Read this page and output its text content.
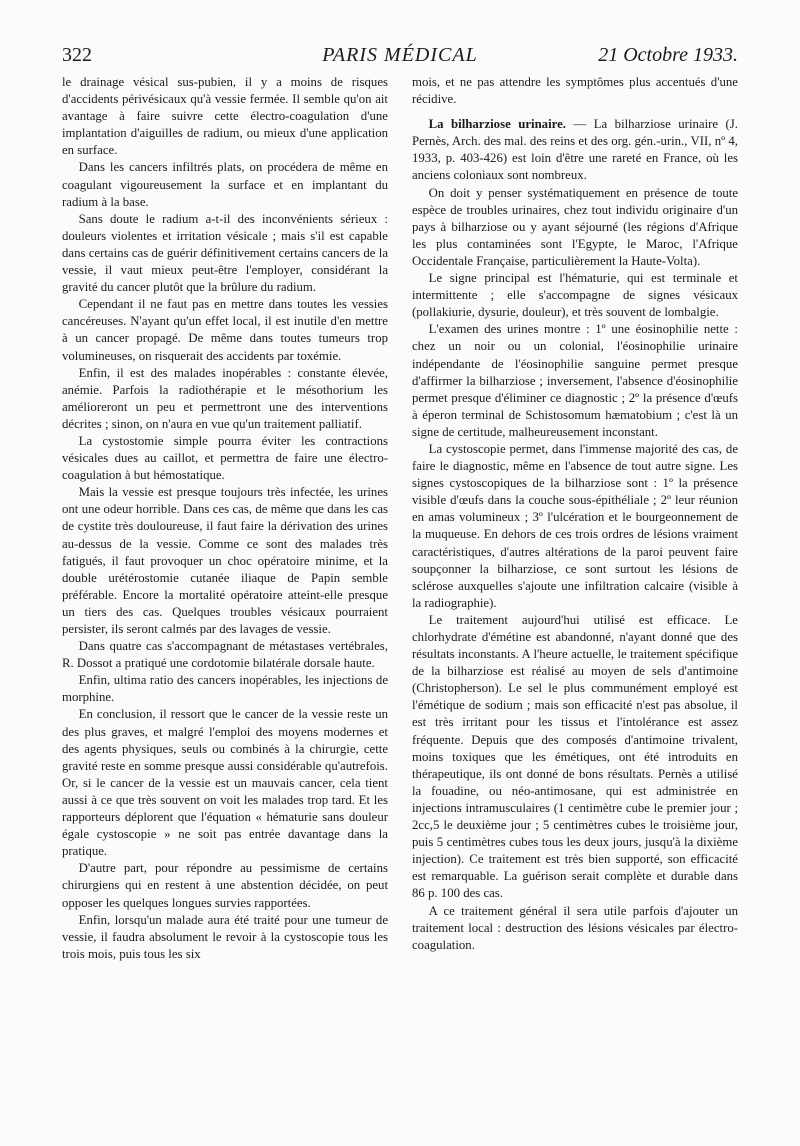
322	PARIS MÉDICAL	21 Octobre 1933.

le drainage vésical sus-pubien, il y a moins de risques d'accidents périvésicaux qu'à vessie fermée. Il semble qu'on ait avantage à faire suivre cette électro-coagulation d'une implantation d'aiguilles de radium, ou mieux d'une application en surface.

Dans les cancers infiltrés plats, on procédera de même en coagulant vigoureusement la surface et en implantant du radium à la base.

Sans doute le radium a-t-il des inconvénients sérieux : douleurs violentes et irritation vésicale ; mais s'il est capable dans certains cas de guérir définitivement certains cancers de la vessie, il vaut mieux peut-être l'employer, considérant la gravité du cancer plutôt que la brûlure du radium.

Cependant il ne faut pas en mettre dans toutes les vessies cancéreuses. N'ayant qu'un effet local, il est inutile d'en mettre à un cancer propagé. De même dans toutes tumeurs trop volumineuses, on risquerait des accidents par toxémie.

Enfin, il est des malades inopérables : constante élevée, anémie. Parfois la radiothérapie et le mésothorium les amélioreront un peu et permettront une des interventions décrites ; sinon, on n'aura en vue qu'un traitement palliatif.

La cystostomie simple pourra éviter les contractions vésicales dues au caillot, et permettra de faire une électro-coagulation à but hémostatique.

Mais la vessie est presque toujours très infectée, les urines ont une odeur horrible. Dans ces cas, de même que dans les cas de cystite très douloureuse, il faut faire la dérivation des urines au-dessus de la vessie. Comme ce sont des malades très fatigués, il faut provoquer un choc opératoire minime, et la double urétérostomie cutanée iliaque de Papin semble préférable. Encore la mortalité opératoire atteint-elle presque un tiers des cas. Quelques troubles vésicaux pourraient persister, ils seront calmés par des lavages de vessie.

Dans quatre cas s'accompagnant de métastases vertébrales, R. Dossot a pratiqué une cordotomie bilatérale dorsale haute.

Enfin, ultima ratio des cancers inopérables, les injections de morphine.

En conclusion, il ressort que le cancer de la vessie reste un des plus graves, et malgré l'emploi des moyens modernes et des agents physiques, seuls ou combinés à la chirurgie, cette gravité reste en somme presque aussi considérable qu'autrefois. Or, si le cancer de la vessie est un mauvais cancer, cela tient aussi à ce que très souvent on voit les malades trop tard. Et les rapporteurs déplorent que l'équation « hématurie sans douleur égale cystoscopie » ne soit pas entrée davantage dans la pratique.

D'autre part, pour répondre au pessimisme de certains chirurgiens qui en restent à une abstention décidée, on peut opposer les quelques longues survies rapportées.

Enfin, lorsqu'un malade aura été traité pour une tumeur de vessie, il faudra absolument le revoir à la cystoscopie tous les trois mois, puis tous les six

mois, et ne pas attendre les symptômes plus accentués d'une récidive.

La bilharziose urinaire. — La bilharziose urinaire (J. Pernès, Arch. des mal. des reins et des org. gén.-urin., VII, nº 4, 1933, p. 403-426) est loin d'être une rareté en France, où les anciens coloniaux sont nombreux.

On doit y penser systématiquement en présence de toute espèce de troubles urinaires, chez tout individu originaire d'un pays à bilharziose ou y ayant séjourné (les régions d'Afrique les plus contaminées sont l'Egypte, le Maroc, l'Afrique Occidentale Française, particulièrement la Haute-Volta).

Le signe principal est l'hématurie, qui est terminale et intermittente ; elle s'accompagne de signes vésicaux (pollakiurie, dysurie, douleur), et très souvent de lombalgie.

L'examen des urines montre : 1º une éosinophilie nette : chez un noir ou un colonial, l'éosinophilie urinaire indépendante de l'éosinophilie sanguine permet presque d'affirmer la bilharziose ; inversement, l'absence d'éosinophilie permet presque d'éliminer ce diagnostic ; 2º la présence d'œufs à éperon terminal de Schistosomum hæmatobium ; c'est là un signe de certitude, malheureusement inconstant.

La cystoscopie permet, dans l'immense majorité des cas, de faire le diagnostic, même en l'absence de tout autre signe. Les signes cystoscopiques de la bilharziose sont : 1º la présence visible d'œufs dans la couche sous-épithéliale ; 2º leur réunion en amas volumineux ; 3º l'ulcération et le bourgeonnement de la muqueuse. En dehors de ces trois ordres de lésions vraiment caractéristiques, d'autres altérations de la paroi peuvent faire soupçonner la bilharziose, ce sont surtout les lésions de sclérose auxquelles s'ajoute une infiltration calcaire (visible à la radiographie).

Le traitement aujourd'hui utilisé est efficace. Le chlorhydrate d'émétine est abandonné, n'ayant donné que des résultats inconstants. A l'heure actuelle, le traitement spécifique de la bilharziose est réalisé au moyen de sels d'antimoine (Christopherson). Le sel le plus communément employé est l'émétique de sodium ; mais son efficacité n'est pas absolue, il est très irritant pour les tissus et l'intolérance est assez fréquente. Depuis que des composés d'antimoine trivalent, moins toxiques que les émétiques, ont été introduits en thérapeutique, ils ont donné de bons résultats. Pernès a utilisé la fouadine, ou néo-antimosane, qui est administrée en injections intramusculaires (1 centimètre cube le premier jour ; 2cc,5 le deuxième jour ; 5 centimètres cubes le troisième jour, puis 5 centimètres cubes tous les deux jours, jusqu'à la dixième injection). Ce traitement est très bien supporté, son efficacité est remarquable. La guérison serait complète et durable dans 86 p. 100 des cas.

A ce traitement général il sera utile parfois d'ajouter un traitement local : destruction des lésions vésicales par électro-coagulation.
